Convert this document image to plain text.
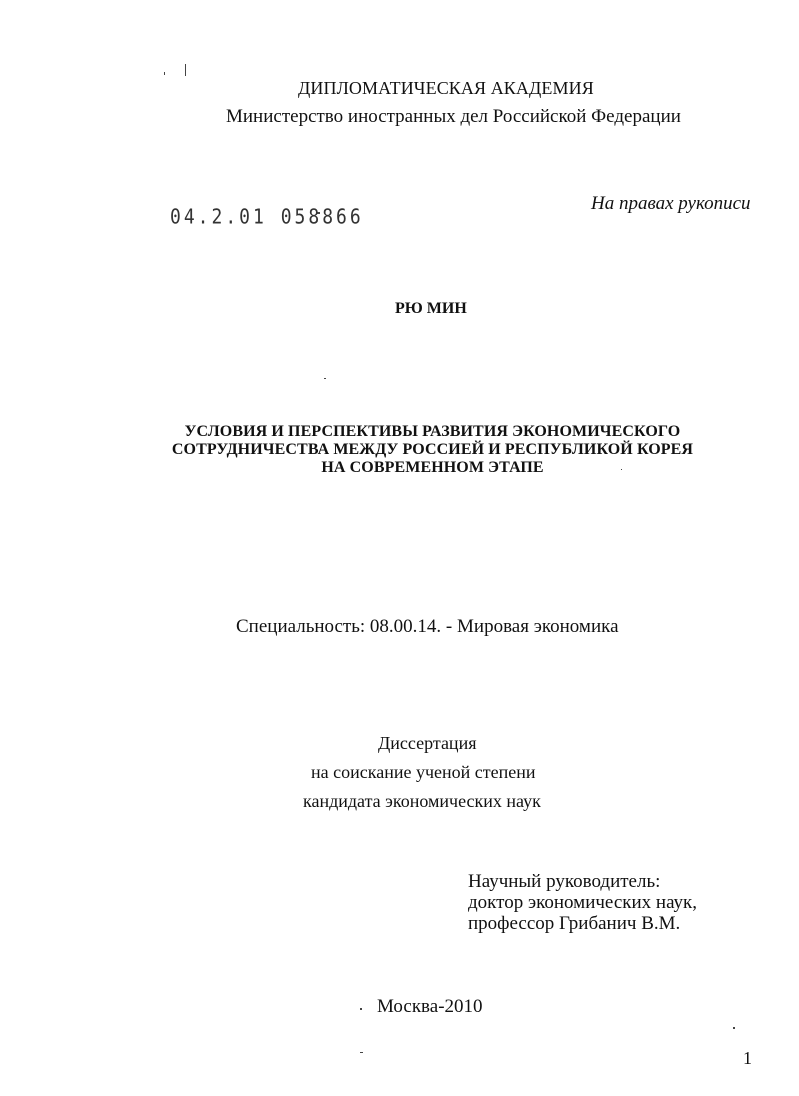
ДИПЛОМАТИЧЕСКАЯ АКАДЕМИЯ
Министерство иностранных дел Российской Федерации
04.2.01 058866
На правах рукописи
РЮ МИН
УСЛОВИЯ И ПЕРСПЕКТИВЫ РАЗВИТИЯ ЭКОНОМИЧЕСКОГО
СОТРУДНИЧЕСТВА МЕЖДУ РОССИЕЙ И РЕСПУБЛИКОЙ КОРЕЯ
НА СОВРЕМЕННОМ ЭТАПЕ
Специальность: 08.00.14. - Мировая экономика
Диссертация
на соискание ученой степени
кандидата экономических наук
Научный руководитель:
доктор экономических наук,
профессор Грибанич В.М.
Москва-2010
1
